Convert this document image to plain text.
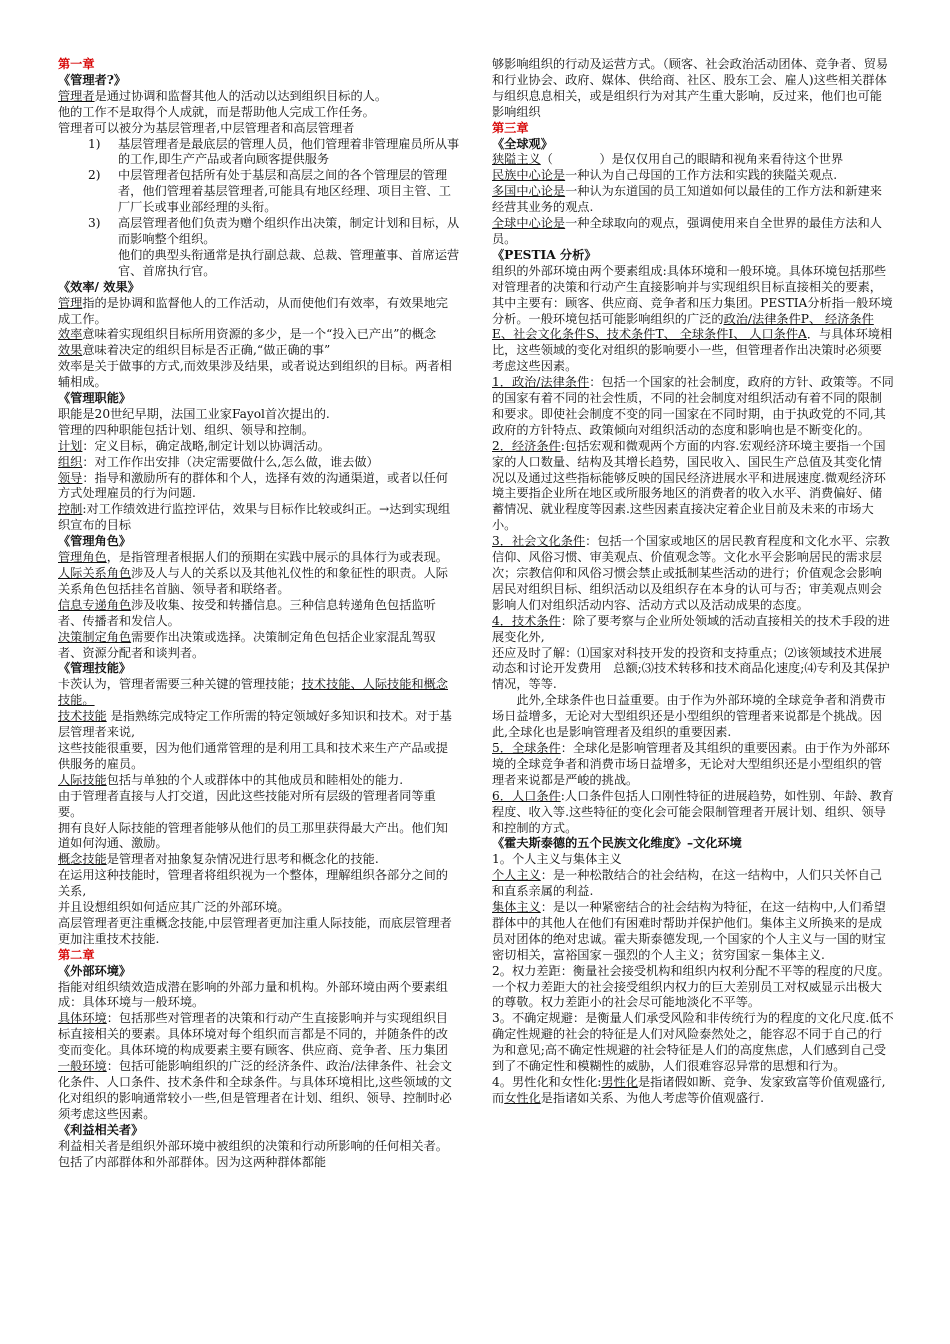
第一章
《管理者?》
管理者是通过协调和监督其他人的活动以达到组织目标的人。
他的工作不是取得个人成就，而是帮助他人完成工作任务。
管理者可以被分为基层管理者,中层管理者和高层管理者
1)	基层管理者是最底层的管理人员，他们管理着非管理雇员所从事的工作,即生产产品或者向顾客提供服务
2)	中层管理者包括所有处于基层和高层之间的各个管理层的管理者，他们管理着基层管理者,可能具有地区经理、项目主管、工厂厂长或事业部经理的头衔。
3)	高层管理者他们负责为赠个组织作出决策，制定计划和目标，从而影响整个组织。
他们的典型头衔通常是执行副总裁、总裁、管理董事、首席运营官、首席执行官。
《效率/ 效果》
管理指的是协调和监督他人的工作活动，从而使他们有效率，有效果地完成工作。
效率意味着实现组织目标所用资源的多少，是一个“投入已产出”的概念
效果意味着决定的组织目标是否正确,“做正确的事”
效率是关于做事的方式,而效果涉及结果，或者说达到组织的目标。两者相辅相成。
《管理职能》
职能是20世纪早期，法国工业家Fayol首次提出的.
管理的四种职能包括计划、组织、领导和控制。
计划：定义目标，确定战略,制定计划以协调活动。
组织：对工作作出安排（决定需要做什么,怎么做，谁去做）
领导：指导和激励所有的群体和个人，选择有效的沟通渠道，或者以任何方式处理雇员的行为问题.
控制:对工作绩效进行监控评估，效果与目标作比较或纠正。→达到实现组织宣布的目标
《管理角色》
管理角色，是指管理者根据人们的预期在实践中展示的具体行为或表现。
人际关系角色涉及人与人的关系以及其他礼仪性的和象征性的职责。人际关系角色包括挂名首脑、领导者和联络者。
信息专递角色涉及收集、按受和转播信息。三种信息转递角色包括监听者、传播者和发信人。
决策制定角色需要作出决策或选择。决策制定角色包括企业家混乱驾驭者、资源分配者和谈判者。
《管理技能》
卡茨认为，管理者需要三种关键的管理技能；技术技能、人际技能和概念技能。
技术技能 是指熟练完成特定工作所需的特定领域好多知识和技术。对于基层管理者来说,
这些技能很重要，因为他们通常管理的是利用工具和技术来生产产品或提供服务的雇员。
人际技能包括与单独的个人或群体中的其他成员和睦相处的能力.
由于管理者直接与人打交道，因此这些技能对所有层级的管理者同等重要。
拥有良好人际技能的管理者能够从他们的员工那里获得最大产出。他们知道如何沟通、激励。
概念技能是管理者对抽象复杂情况进行思考和概念化的技能.
在运用这种技能时，管理者将组织视为一个整体，理解组织各部分之间的关系,
并且设想组织如何适应其广泛的外部环境。
高层管理者更注重概念技能,中层管理者更加注重人际技能，而底层管理者更加注重技术技能.
第二章
《外部环境》
指能对组织绩效造成潜在影响的外部力量和机构。外部环境由两个要素组成：具体环境与一般环境。
具体环境：包括那些对管理者的决策和行动产生直接影响并与实现组织目标直接相关的要素。具体环境对每个组织而言都是不同的，并随条件的改变而变化。具体环境的构成要素主要有顾客、供应商、竞争者、压力集团
一般环境：包括可能影响组织的广泛的经济条件、政治/法律条件、社会文化条件、人口条件、技术条件和全球条件。与具体环境相比,这些领域的文化对组织的影响通常较小一些,但是管理者在计划、组织、领导、控制时必须考虑这些因素。
《利益相关者》
利益相关者是组织外部环境中被组织的决策和行动所影响的任何相关者。包括了内部群体和外部群体。因为这两种群体都能
够影响组织的行动及运营方式。（顾客、社会政治活动团体、竞争者、贸易和行业协会、政府、媒体、供给商、社区、股东工会、雇人)这些相关群体与组织息息相关，或是组织行为对其产生重大影响，反过来，他们也可能影响组织
第三章
《全球观》
狭隘主义（            ）是仅仅用自己的眼睛和视角来看待这个世界
民族中心论是一种认为自己母国的工作方法和实践的狭隘关观点.
多国中心论是一种认为东道国的员工知道如何以最佳的工作方法和新建来经营其业务的观点.
全球中心论是一种全球取向的观点，强调使用来自全世界的最佳方法和人员。
《PESTIA 分析》
组织的外部环境由两个要素组成:具体环境和一般环境。具体环境包括那些对管理者的决策和行动产生直接影响并与实现组织目标直接相关的要素，其中主要有：顾客、供应商、竞争者和压力集团。PESTIA分析指一般环境分析。一般环境包括可能影响组织的广泛的政治/法律条件P、 经济条件E、社会文化条件S、技术条件T、 全球条件I、 人口条件A．与具体环境相比，这些领域的变化对组织的影响要小一些，但管理者作出决策时必须要考虑这些因素。
1．政治/法律条件：包括一个国家的社会制度，政府的方针、政策等。不同的国家有着不同的社会性质，不同的社会制度对组织活动有着不同的限制和要求。即使社会制度不变的同一国家在不同时期，由于执政党的不同,其政府的方针特点、政策倾向对组织活动的态度和影响也是不断变化的。
2．经济条件:包括宏观和微观两个方面的内容.宏观经济环境主要指一个国家的人口数量、结构及其增长趋势，国民收入、国民生产总值及其变化情况以及通过这些指标能够反映的国民经济进展水平和进展速度.微观经济环境主要指企业所在地区或所服务地区的消费者的收入水平、消费偏好、储蓄情况、就业程度等因素.这些因素直接决定着企业目前及未来的市场大小。
3．社会文化条件：包括一个国家或地区的居民教育程度和文化水平、宗教信仰、风俗习惯、审美观点、价值观念等。文化水平会影响居民的需求层次；宗教信仰和风俗习惯会禁止或抵制某些活动的进行；价值观念会影响居民对组织目标、组织活动以及组织存在本身的认可与否；审美观点则会影响人们对组织活动内容、活动方式以及活动成果的态度。
4．技术条件：除了要考察与企业所处领域的活动直接相关的技术手段的进展变化外,
还应及时了解：⑴国家对科技开发的投资和支持重点；⑵该领域技术进展动态和讨论开发费用   总额;⑶技术转移和技术商品化速度;⑷专利及其保护情况，等等.
此外,全球条件也日益重要。由于作为外部环境的全球竞争者和消费市场日益增多，无论对大型组织还是小型组织的管理者来说都是个挑战。因此,全球化也是影响管理者及组织的重要因素.
5．全球条件：全球化是影响管理者及其组织的重要因素。由于作为外部环境的全球竞争者和消费市场日益增多，无论对大型组织还是小型组织的管理者来说都是严峻的挑战。
6．人口条件:人口条件包括人口刚性特征的进展趋势，如性别、年龄、教育程度、收入等.这些特征的变化会可能会限制管理者开展计划、组织、领导和控制的方式。
《霍夫斯泰德的五个民族文化维度》–文化环境
1。个人主义与集体主义
个人主义：是一种松散结合的社会结构，在这一结构中，人们只关怀自己和直系亲属的利益.
集体主义：是以一种紧密结合的社会结构为特征，在这一结构中,人们希望群体中的其他人在他们有困难时帮助并保护他们。集体主义所换来的是成员对团体的绝对忠诚。霍夫斯泰德发现,一个国家的个人主义与一国的财宝密切相关，富裕国家－强烈的个人主义；贫穷国家－集体主义.
2。权力差距：衡量社会接受机构和组织内权利分配不平等的程度的尺度。一个权力差距大的社会接受组织内权力的巨大差别员工对权威显示出极大的尊敬。权力差距小的社会尽可能地淡化不平等。
3。不确定规避：是衡量人们承受风险和非传统行为的程度的文化尺度.低不确定性规避的社会的特征是人们对风险泰然处之，能容忍不同于自己的行为和意见;高不确定性规避的社会特征是人们的高度焦虑，人们感到自己受到了不确定性和模糊性的威胁，人们很难容忍异常的思想和行为。
4。男性化和女性化:男性化是指诸假如断、竞争、发家致富等价值观盛行,而女性化是指诸如关系、为他人考虑等价值观盛行.
